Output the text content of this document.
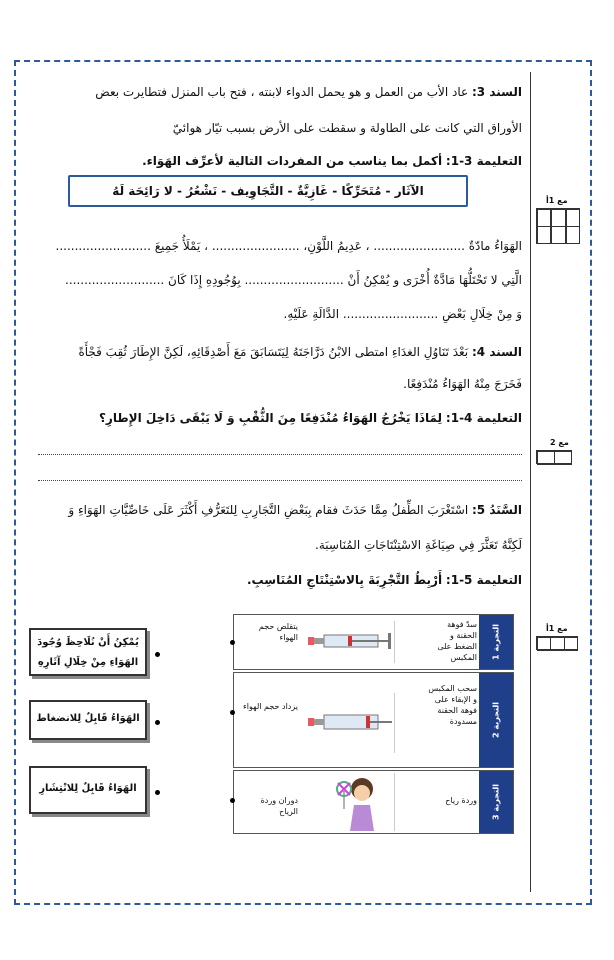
السند 3: عاد الأب من العمل و هو يحمل الدواء لابنته ، فتح باب المنزل فتطايرت بعض
الأوراق التي كانت على الطاولة و سقطت على الأرض بسبب تيّار هوائيّ
التعليمة 3-1: أكمل بما يناسب من المفردات التالية لأعرِّف الهَوَاء.
الآثَار - مُتَحَرِّكًا - غَازِيَّةٌ - التَّجَاوِيف - نَشْعُرُ - لا رَائِحَة لَهُ
الهَوَاءُ مادّةٌ ........................ ، عَدِيمُ اللَّوْنِ، ....................... ، يَمْلَأُ جَمِيعَ .........................
الَّتِي لا تَحْتَلُّهَا مَادَّةٌ أُخْرَى و يُمْكِنُ أَنْ .......................... بِوُجُودِهِ إِذَا كَانَ ..........................
وَ مِنْ خِلَالِ بَعْضِ ......................... الدَّالَةِ عَلَيْهِ.
السند 4: بَعْدَ تَنَاوُلِ الغدَاءِ امتطى الابْنُ دَرَّاجَتَهُ لِيَتَسَابَقَ مَعَ أَصْدِقَائِهِ، لَكِنَّ الإِطَارَ ثُقِبَ فَجْأَةً
فَخَرَجَ مِنْهُ الهَوَاءُ مُنْدَفِعًا.
التعليمة 4-1: لِمَاذَا يَخْرُجُ الهَوَاءُ مُنْدَفِعًا مِنَ الثُّقْبِ وَ لَا يَبْقَى دَاخِلَ الإِطارِ؟
السَّنَدُ 5: اسْتَغْرَبَ الطِّفلُ مِمَّا حَدَثَ فقام بِبَعْضِ التَّجَارِبِ لِلتَعَرُّفِ أَكْثَرَ عَلَى خَاصِّيَّاتِ الهَوَاءِ وَ
لَكِنَّهُ تَعَثَّرَ فِي صِيَاغَةِ الاسْتِنْتَاجَاتِ المُنَاسِبَة.
التعليمة 5-1: أَرْبِطُ التَّجْرِبَةَ بِالاسْتِنْتَاجِ المُنَاسِبِ.
التجربة 1
سدّ فوهة الحقنة و الضغط على المكبس
يتقلص حجم الهواء
التجربة 2
سحب المكبس و الإبقاء على فوهة الحقنة مسدودة
يزداد حجم الهواء
التجربة 3
وردة رياح
دوران وردة الرياح
يُمْكِنُ أَنْ نُلَاحِظَ وُجُودَ الهَوَاءِ مِنْ خِلَالِ آثَارِهِ
الهَوَاءُ قَابِلٌ لِلانضغاط
الهَوَاءُ قَابِلٌ لِلانْتِشَارِ
مع 1أ
مع 2
مع 1أ
